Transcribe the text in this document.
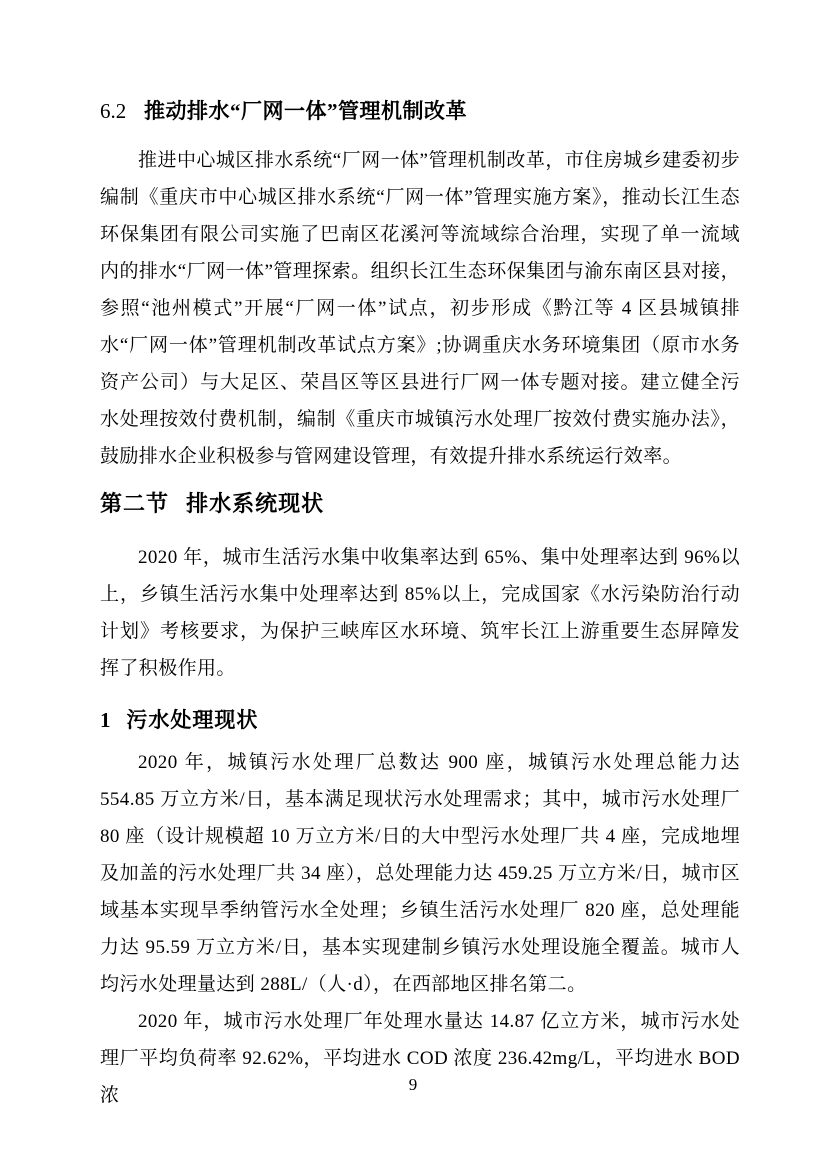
6.2 推动排水“厂网一体”管理机制改革

推进中心城区排水系统“厂网一体”管理机制改革，市住房城乡建委初步编制《重庆市中心城区排水系统“厂网一体”管理实施方案》，推动长江生态环保集团有限公司实施了巴南区花溪河等流域综合治理，实现了单一流域内的排水“厂网一体”管理探索。组织长江生态环保集团与渝东南区县对接，参照“池州模式”开展“厂网一体”试点，初步形成《黔江等 4 区县城镇排水“厂网一体”管理机制改革试点方案》;协调重庆水务环境集团（原市水务资产公司）与大足区、荣昌区等区县进行厂网一体专题对接。建立健全污水处理按效付费机制，编制《重庆市城镇污水处理厂按效付费实施办法》，鼓励排水企业积极参与管网建设管理，有效提升排水系统运行效率。

第二节 排水系统现状

2020 年，城市生活污水集中收集率达到 65%、集中处理率达到 96%以上，乡镇生活污水集中处理率达到 85%以上，完成国家《水污染防治行动计划》考核要求，为保护三峡库区水环境、筑牢长江上游重要生态屏障发挥了积极作用。

1 污水处理现状

2020 年，城镇污水处理厂总数达 900 座，城镇污水处理总能力达 554.85 万立方米/日，基本满足现状污水处理需求；其中，城市污水处理厂 80 座（设计规模超 10 万立方米/日的大中型污水处理厂共 4 座，完成地埋及加盖的污水处理厂共 34 座），总处理能力达 459.25 万立方米/日，城市区域基本实现旱季纳管污水全处理；乡镇生活污水处理厂 820 座，总处理能力达 95.59 万立方米/日，基本实现建制乡镇污水处理设施全覆盖。城市人均污水处理量达到 288L/（人·d），在西部地区排名第二。

2020 年，城市污水处理厂年处理水量达 14.87 亿立方米，城市污水处理厂平均负荷率 92.62%，平均进水 COD 浓度 236.42mg/L，平均进水 BOD 浓

9
